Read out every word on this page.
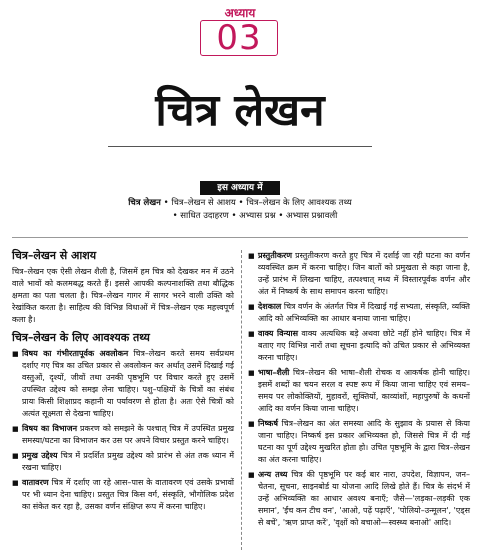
अध्याय
03
चित्र लेखन
इस अध्याय में
चित्र लेखन • चित्र–लेखन से आशय • चित्र–लेखन के लिए आवश्यक तथ्य
• साधित उदाहरण • अभ्यास प्रश्न • अभ्यास प्रश्नावली
चित्र–लेखन से आशय

चित्र–लेखन एक ऐसी लेखन शैली है, जिसमें हम चित्र को देखकर मन में उठने वाले भावों को कलमबद्ध करते हैं। इससे आपकी कल्पनाशक्ति तथा बौद्धिक क्षमता का पता चलता है। चित्र–लेखन गागर में सागर भरने वाली उक्ति को रेखांकित करता है। साहित्य की विभिन्न विधाओं में चित्र–लेखन एक महत्त्वपूर्ण कला है।

चित्र–लेखन के लिए आवश्यक तथ्य
■ विषय का गंभीरतापूर्वक अवलोकन चित्र–लेखन करते समय सर्वप्रथम दर्शाए गए चित्र का उचित प्रकार से अवलोकन कर अर्थात् उसमें दिखाई गई वस्तुओं, दृश्यों, जीवों तथा उनकी पृष्ठभूमि पर विचार करते हुए उसमें उपस्थित उद्देश्य को समझ लेना चाहिए। पशु–पक्षियों के चित्रों का संबंध प्रायः किसी शिक्षाप्रद कहानी या पर्यावरण से होता है। अतः ऐसे चित्रों को अत्यंत सूक्ष्मता से देखना चाहिए।
■ विषय का विभाजन प्रकरण को समझने के पश्चात् चित्र में उपस्थित प्रमुख समस्या/घटना का विभाजन कर उस पर अपने विचार प्रस्तुत करने चाहिए।
■ प्रमुख उद्देश्य चित्र में प्रदर्शित प्रमुख उद्देश्य को प्रारंभ से अंत तक ध्यान में रखना चाहिए।
■ वातावरण चित्र में दर्शाए जा रहे आस–पास के वातावरण एवं उसके प्रभावों पर भी ध्यान देना चाहिए। प्रस्तुत चित्र किस वर्ग, संस्कृति, भौगोलिक प्रदेश का संकेत कर रहा है, उसका वर्णन संक्षिप्त रूप में करना चाहिए।
■ प्रस्तुतीकरण प्रस्तुतीकरण करते हुए चित्र में दर्शाई जा रही घटना का वर्णन व्यवस्थित क्रम में करना चाहिए। जिन बातों को प्रमुखता से कहा जाना है, उन्हें प्रारंभ में लिखना चाहिए, तत्पश्चात् मध्य में विस्तारपूर्वक वर्णन और अंत में निष्कर्ष के साथ समापन करना चाहिए।
■ देशकाल चित्र वर्णन के अंतर्गत चित्र में दिखाई गई सभ्यता, संस्कृति, व्यक्ति आदि को अभिव्यक्ति का आधार बनाया जाना चाहिए।
■ वाक्य विन्यास वाक्य अत्यधिक बड़े अथवा छोटे नहीं होने चाहिए। चित्र में बताए गए विभिन्न नारों तथा सूचना इत्यादि को उचित प्रकार से अभिव्यक्त करना चाहिए।
■ भाषा–शैली चित्र–लेखन की भाषा–शैली रोचक व आकर्षक होनी चाहिए। इसमें शब्दों का चयन सरल व स्पष्ट रूप में किया जाना चाहिए एवं समय–समय पर लोकोक्तियों, मुहावरों, सूक्तियों, काव्यांशों, महापुरुषों के कथनों आदि का वर्णन किया जाना चाहिए।
■ निष्कर्ष चित्र–लेखन का अंत समस्या आदि के सुझाव के प्रयास से किया जाना चाहिए। निष्कर्ष इस प्रकार अभिव्यक्त हो, जिससे चित्र में दी गई घटना का पूर्ण उद्देश्य मुखरित होता हो। उचित पृष्ठभूमि के द्वारा चित्र–लेखन का अंत करना चाहिए।
■ अन्य तथ्य चित्र की पृष्ठभूमि पर कई बार नारा, उपदेश, विज्ञापन, जन–चेतना, सूचना, साइनबोर्ड या योजना आदि लिखे होते हैं। चित्र के संदर्भ में उन्हें अभिव्यक्ति का आधार अवश्य बनाएँ; जैसे—'लड़का–लड़की एक समान', 'ईंच कन टीच वन', 'आओ, पढ़ें पढ़ाएँ', 'पोलियो–उन्मूलन', 'एड्स से बचें', 'ऋण प्राप्त करें', 'वृक्षों को बचाओ—स्वस्थ्य बनाओ' आदि।
